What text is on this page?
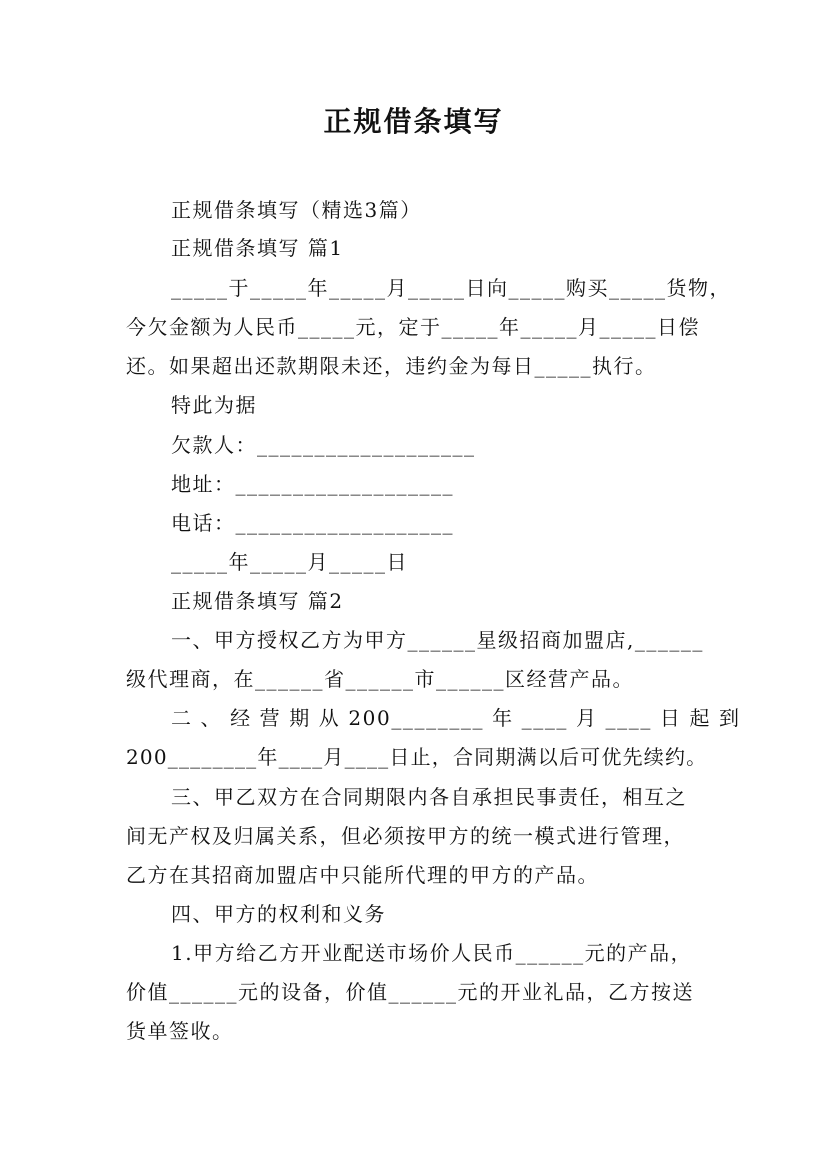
正规借条填写
正规借条填写（精选3篇）
正规借条填写 篇1
_____于_____年_____月_____日向_____购买_____货物，
今欠金额为人民币_____元，定于_____年_____月_____日偿
还。如果超出还款期限未还，违约金为每日_____执行。
特此为据
欠款人：___________________
地址：___________________
电话：___________________
_____年_____月_____日
正规借条填写 篇2
一、甲方授权乙方为甲方______星级招商加盟店,______
级代理商，在______省______市______区经营产品。
二 、 经 营 期 从 200________ 年 ____ 月 ____ 日 起 到
200________年____月____日止，合同期满以后可优先续约。
三、甲乙双方在合同期限内各自承担民事责任，相互之
间无产权及归属关系，但必须按甲方的统一模式进行管理，
乙方在其招商加盟店中只能所代理的甲方的产品。
四、甲方的权利和义务
1.甲方给乙方开业配送市场价人民币______元的产品，
价值______元的设备，价值______元的开业礼品，乙方按送
货单签收。
